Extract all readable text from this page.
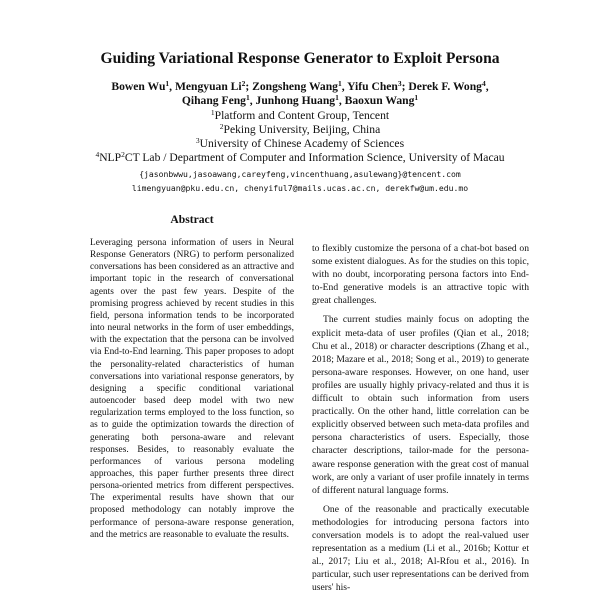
Guiding Variational Response Generator to Exploit Persona
Bowen Wu$^1$, Mengyuan Li$^2$; Zongsheng Wang$^1$, Yifu Chen$^3$; Derek F. Wong$^4$,
Qihang Feng$^1$, Junhong Huang$^1$, Baoxun Wang$^1$
$^1$Platform and Content Group, Tencent
$^2$Peking University, Beijing, China
$^3$University of Chinese Academy of Sciences
$^4$NLP$^2$CT Lab / Department of Computer and Information Science, University of Macau
{jasonbwwu,jasoawang,careyfeng,vincenthuang,asulewang}@tencent.com
limengyuan@pku.edu.cn, chenyiful7@mails.ucas.ac.cn, derekfw@um.edu.mo
Abstract

Leveraging persona information of users in Neural Response Generators (NRG) to perform personalized conversations has been considered as an attractive and important topic in the research of conversational agents over the past few years. Despite of the promising progress achieved by recent studies in this field, persona information tends to be incorporated into neural networks in the form of user embeddings, with the expectation that the persona can be involved via End-to-End learning. This paper proposes to adopt the personality-related characteristics of human conversations into variational response generators, by designing a specific conditional variational autoencoder based deep model with two new regularization terms employed to the loss function, so as to guide the optimization towards the direction of generating both persona-aware and relevant responses. Besides, to reasonably evaluate the performances of various persona modeling approaches, this paper further presents three direct persona-oriented metrics from different perspectives. The experimental results have shown that our proposed methodology can notably improve the performance of persona-aware response generation, and the metrics are reasonable to evaluate the results.

to flexibly customize the persona of a chat-bot based on some existent dialogues. As for the studies on this topic, with no doubt, incorporating persona factors into End-to-End generative models is an attractive topic with great challenges.

The current studies mainly focus on adopting the explicit meta-data of user profiles (Qian et al., 2018; Chu et al., 2018) or character descriptions (Zhang et al., 2018; Mazare et al., 2018; Song et al., 2019) to generate persona-aware responses. However, on one hand, user profiles are usually highly privacy-related and thus it is difficult to obtain such information from users practically. On the other hand, little correlation can be explicitly observed between such meta-data profiles and persona characteristics of users. Especially, those character descriptions, tailor-made for the persona-aware response generation with the great cost of manual work, are only a variant of user profile innately in terms of different natural language forms.

One of the reasonable and practically executable methodologies for introducing persona factors into conversation models is to adopt the real-valued user representation as a medium (Li et al., 2016b; Kottur et al., 2017; Liu et al., 2018; Al-Rfou et al., 2016). In particular, such user representations can be derived from users' his-
